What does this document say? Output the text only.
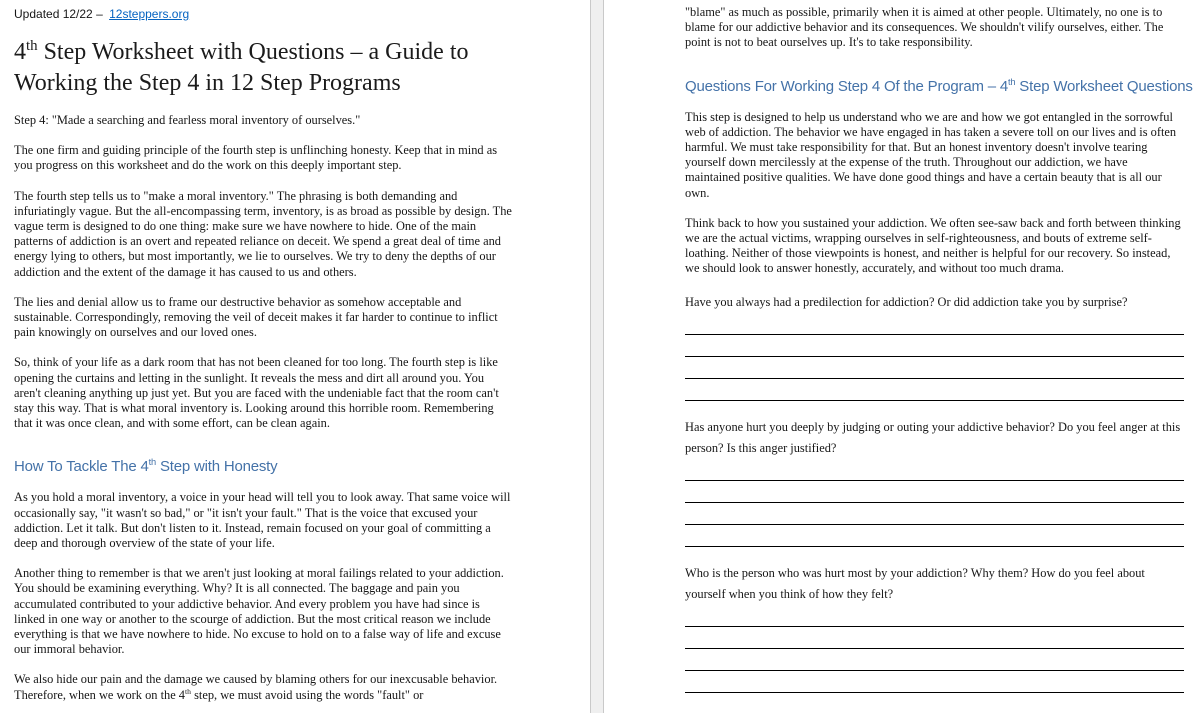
Updated 12/22 – 12steppers.org
4th Step Worksheet with Questions – a Guide to Working the Step 4 in 12 Step Programs

Step 4: "Made a searching and fearless moral inventory of ourselves."

The one firm and guiding principle of the fourth step is unflinching honesty. Keep that in mind as you progress on this worksheet and do the work on this deeply important step.

The fourth step tells us to "make a moral inventory." The phrasing is both demanding and infuriatingly vague. But the all-encompassing term, inventory, is as broad as possible by design. The vague term is designed to do one thing: make sure we have nowhere to hide. One of the main patterns of addiction is an overt and repeated reliance on deceit. We spend a great deal of time and energy lying to others, but most importantly, we lie to ourselves. We try to deny the depths of our addiction and the extent of the damage it has caused to us and others.

The lies and denial allow us to frame our destructive behavior as somehow acceptable and sustainable. Correspondingly, removing the veil of deceit makes it far harder to continue to inflict pain knowingly on ourselves and our loved ones.

So, think of your life as a dark room that has not been cleaned for too long. The fourth step is like opening the curtains and letting in the sunlight. It reveals the mess and dirt all around you. You aren't cleaning anything up just yet. But you are faced with the undeniable fact that the room can't stay this way. That is what moral inventory is. Looking around this horrible room. Remembering that it was once clean, and with some effort, can be clean again.

How To Tackle The 4th Step with Honesty

As you hold a moral inventory, a voice in your head will tell you to look away. That same voice will occasionally say, "it wasn't so bad," or "it isn't your fault." That is the voice that excused your addiction. Let it talk. But don't listen to it. Instead, remain focused on your goal of committing a deep and thorough overview of the state of your life.

Another thing to remember is that we aren't just looking at moral failings related to your addiction. You should be examining everything. Why? It is all connected. The baggage and pain you accumulated contributed to your addictive behavior. And every problem you have had since is linked in one way or another to the scourge of addiction. But the most critical reason we include everything is that we have nowhere to hide. No excuse to hold on to a false way of life and excuse our immoral behavior.

We also hide our pain and the damage we caused by blaming others for our inexcusable behavior. Therefore, when we work on the 4th step, we must avoid using the words "fault" or

"blame" as much as possible, primarily when it is aimed at other people. Ultimately, no one is to blame for our addictive behavior and its consequences. We shouldn't vilify ourselves, either. The point is not to beat ourselves up. It's to take responsibility.

Questions For Working Step 4 Of the Program – 4th Step Worksheet Questions

This step is designed to help us understand who we are and how we got entangled in the sorrowful web of addiction. The behavior we have engaged in has taken a severe toll on our lives and is often harmful. We must take responsibility for that. But an honest inventory doesn't involve tearing yourself down mercilessly at the expense of the truth. Throughout our addiction, we have maintained positive qualities. We have done good things and have a certain beauty that is all our own.

Think back to how you sustained your addiction. We often see-saw back and forth between thinking we are the actual victims, wrapping ourselves in self-righteousness, and bouts of extreme self-loathing. Neither of those viewpoints is honest, and neither is helpful for our recovery. So instead, we should look to answer honestly, accurately, and without too much drama.

Have you always had a predilection for addiction? Or did addiction take you by surprise?

Has anyone hurt you deeply by judging or outing your addictive behavior? Do you feel anger at this person? Is this anger justified?

Who is the person who was hurt most by your addiction? Why them? How do you feel about yourself when you think of how they felt?
